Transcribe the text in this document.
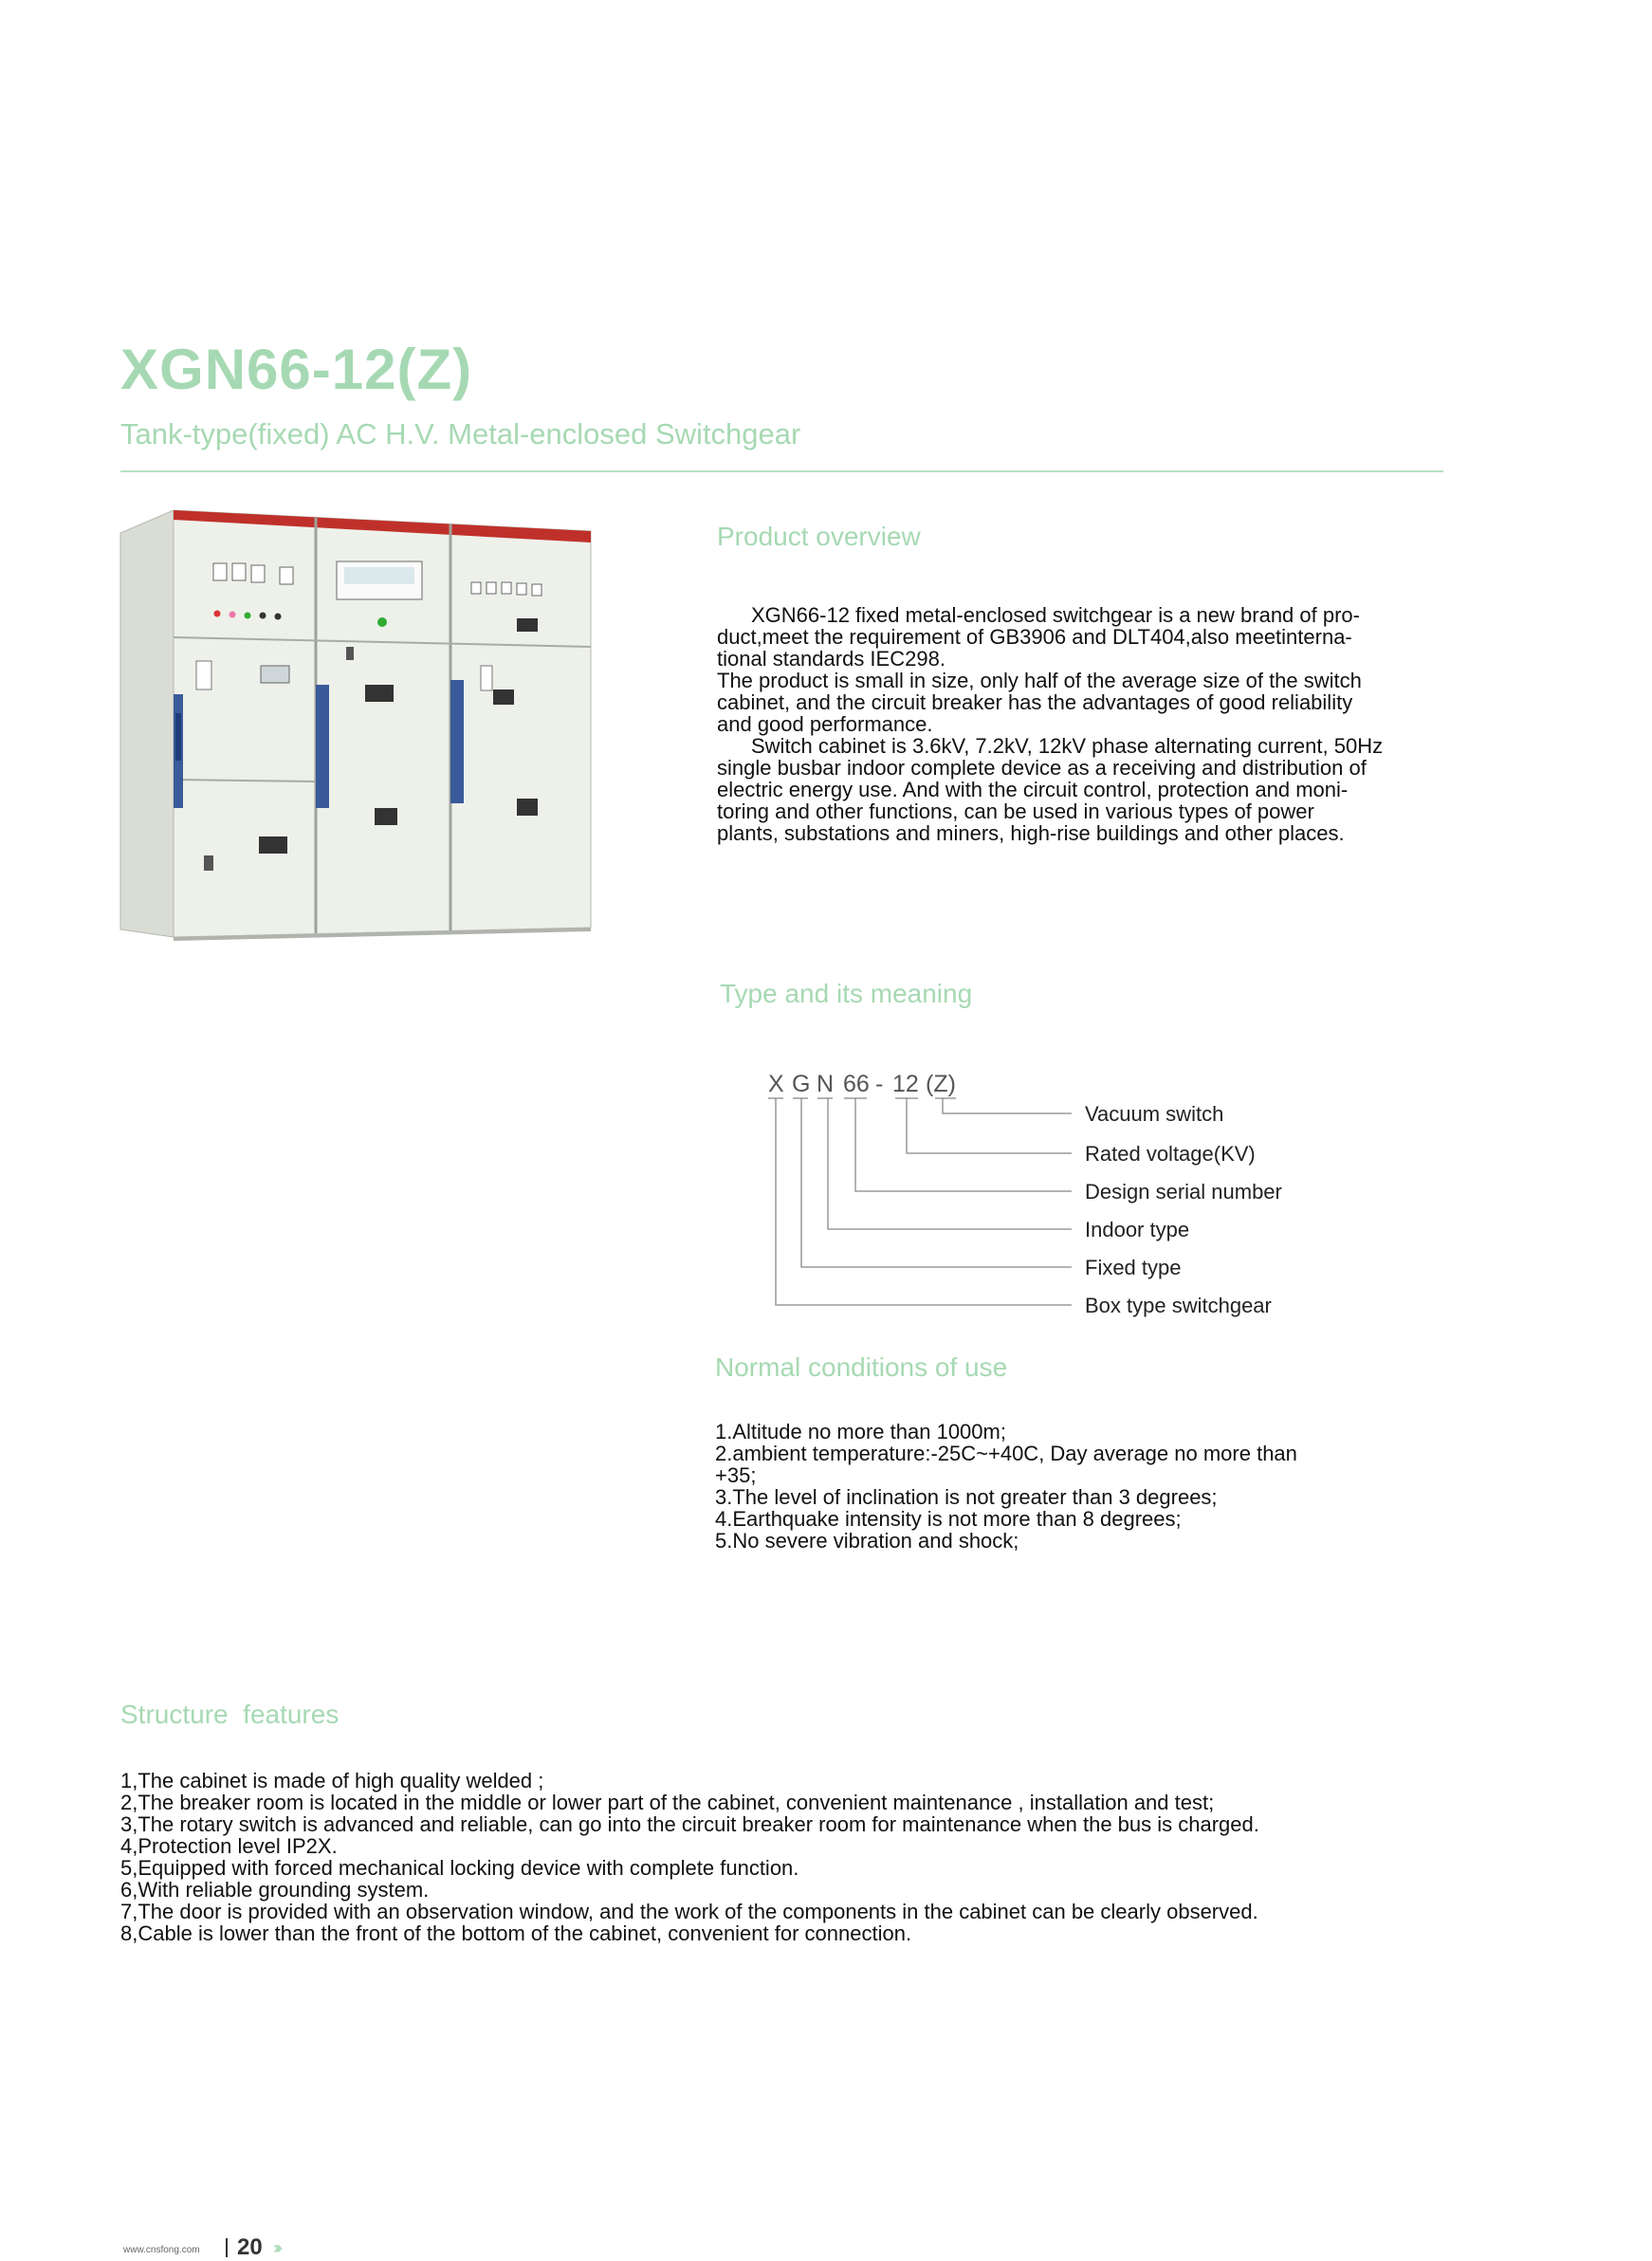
XGN66-12(Z)
Tank-type(fixed) AC H.V. Metal-enclosed Switchgear
Product overview

XGN66-12 fixed metal-enclosed switchgear is a new brand of pro-

duct,meet the requirement of GB3906 and DLT404,also meetinterna-

tional standards IEC298.

The product is small in size, only half of the average size of the switch

cabinet, and the circuit breaker has the advantages of good reliability

and good performance.

Switch cabinet is 3.6kV, 7.2kV, 12kV phase alternating current, 50Hz

single busbar indoor complete device as a receiving and distribution of

electric energy use. And with the circuit control, protection and moni-

toring and other functions, can be used in various types of power

plants, substations and miners, high-rise buildings and other places.

Type and its meaning
X G N 66 - 12 (Z)
Vacuum switch
Rated voltage(KV)
Design serial number
Indoor type
Fixed type
Box type switchgear
Normal conditions of use

1.Altitude no more than 1000m;

2.ambient temperature:-25C~+40C, Day average no more than

+35;

3.The level of inclination is not greater than 3 degrees;

4.Earthquake intensity is not more than 8 degrees;

5.No severe vibration and shock;

Structure  features

1,The cabinet is made of high quality welded ;

2,The breaker room is located in the middle or lower part of the cabinet, convenient maintenance , installation and test;

3,The rotary switch is advanced and reliable, can go into the circuit breaker room for maintenance when the bus is charged.

4,Protection level IP2X.

5,Equipped with forced mechanical locking device with complete function.

6,With reliable grounding system.

7,The door is provided with an observation window, and the work of the components in the cabinet can be clearly observed.

8,Cable is lower than the front of the bottom of the cabinet, convenient for connection.

www.cnsfong.com 20 ›››
